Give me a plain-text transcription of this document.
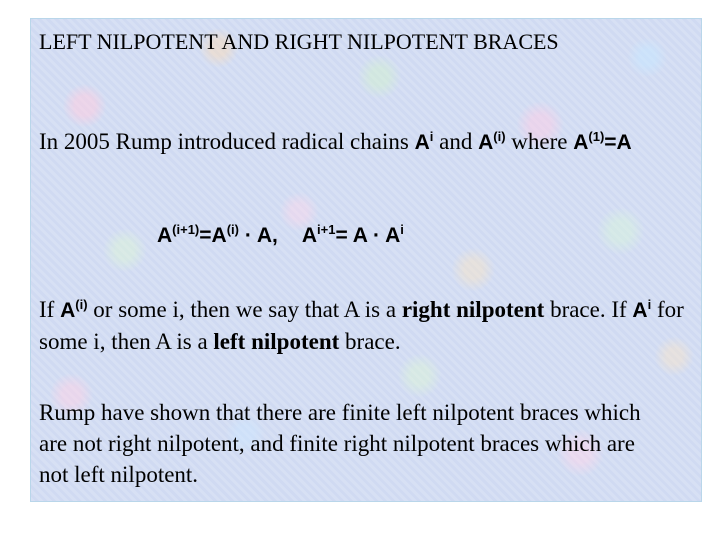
LEFT NILPOTENT AND RIGHT NILPOTENT BRACES

In 2005 Rump introduced radical chains $A^i$ and $A^{(i)}$ where $A^{(1)}=A$

$A^{(i+1)}=A^{(i)} \cdot A$, $A^{i+1}= A \cdot A^i$

If $A^{(i)}$ or some i, then we say that A is a right nilpotent brace. If $A^i$ for some i, then A is a left nilpotent brace.

Rump have shown that there are finite left nilpotent braces which are not right nilpotent, and finite right nilpotent braces which are not left nilpotent.
